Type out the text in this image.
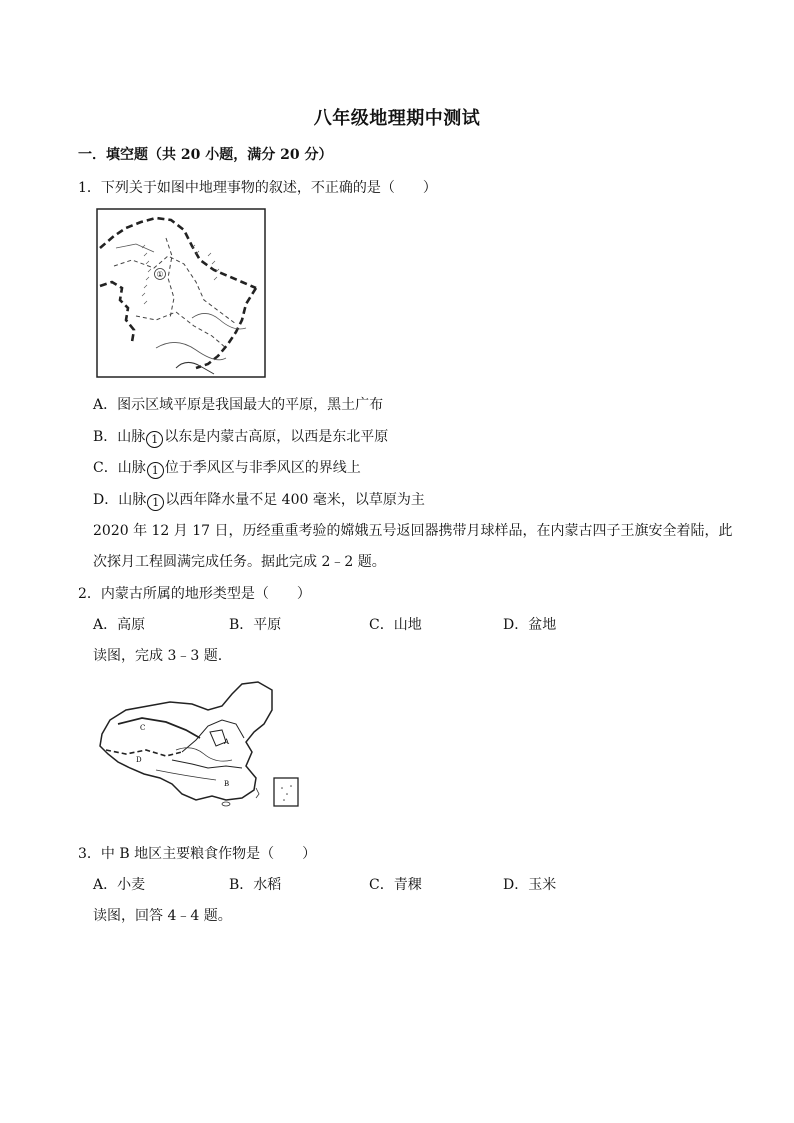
八年级地理期中测试
一．填空题（共 20 小题，满分 20 分）
1．下列关于如图中地理事物的叙述，不正确的是（　　）
①
A．图示区域平原是我国最大的平原，黑土广布
B．山脉 1 以东是内蒙古高原，以西是东北平原
C．山脉 1 位于季风区与非季风区的界线上
D．山脉 1 以西年降水量不足 400 毫米，以草原为主
2020 年 12 月 17 日，历经重重考验的嫦娥五号返回器携带月球样品，在内蒙古四子王旗安全着陆，此
次探月工程圆满完成任务。据此完成 2﹣2 题。
2．内蒙古所属的地形类型是（　　）
A．高原	B．平原	C．山地	D．盆地
读图，完成 3﹣3 题.
C
A
D
B
3．中 B 地区主要粮食作物是（　　）
A．小麦	B．水稻	C．青稞	D．玉米
读图，回答 4﹣4 题。
